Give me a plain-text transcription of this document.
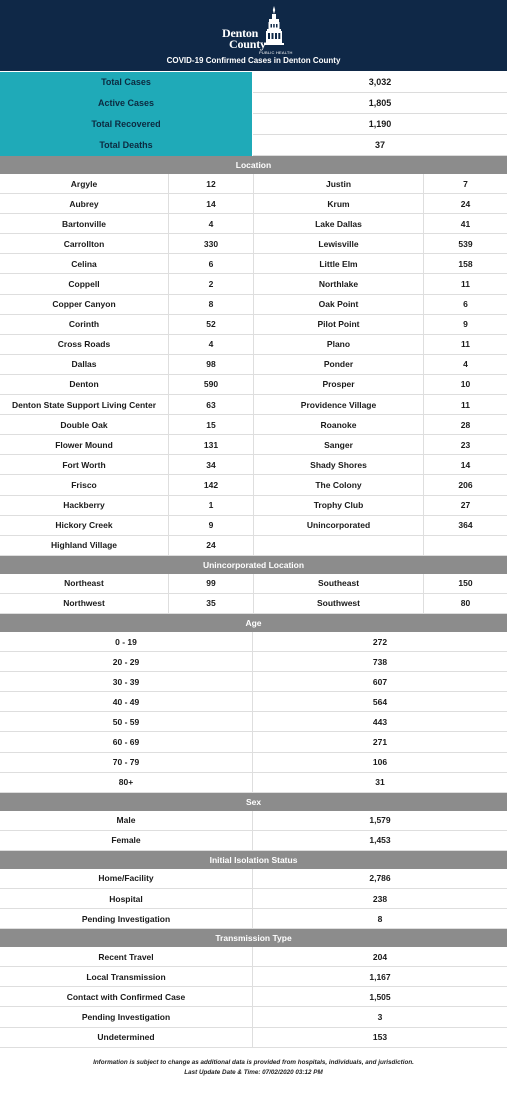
Denton
County
PUBLIC HEALTH
COVID-19 Confirmed Cases in Denton County
Total Cases	3,032
Active Cases	1,805
Total Recovered	1,190
Total Deaths	37
Location
Argyle	12	Justin	7
Aubrey	14	Krum	24
Bartonville	4	Lake Dallas	41
Carrollton	330	Lewisville	539
Celina	6	Little Elm	158
Coppell	2	Northlake	11
Copper Canyon	8	Oak Point	6
Corinth	52	Pilot Point	9
Cross Roads	4	Plano	11
Dallas	98	Ponder	4
Denton	590	Prosper	10
Denton State Support Living Center	63	Providence Village	11
Double Oak	15	Roanoke	28
Flower Mound	131	Sanger	23
Fort Worth	34	Shady Shores	14
Frisco	142	The Colony	206
Hackberry	1	Trophy Club	27
Hickory Creek	9	Unincorporated	364
Highland Village	24
Unincorporated Location
Northeast	99	Southeast	150
Northwest	35	Southwest	80
Age
0 - 19	272
20 - 29	738
30 - 39	607
40 - 49	564
50 - 59	443
60 - 69	271
70 - 79	106
80+	31
Sex
Male	1,579
Female	1,453
Initial Isolation Status
Home/Facility	2,786
Hospital	238
Pending Investigation	8
Transmission Type
Recent Travel	204
Local Transmission	1,167
Contact with Confirmed Case	1,505
Pending Investigation	3
Undetermined	153
Information is subject to change as additional data is provided from hospitals, individuals, and jurisdiction.
Last Update Date & Time: 07/02/2020 03:12 PM
